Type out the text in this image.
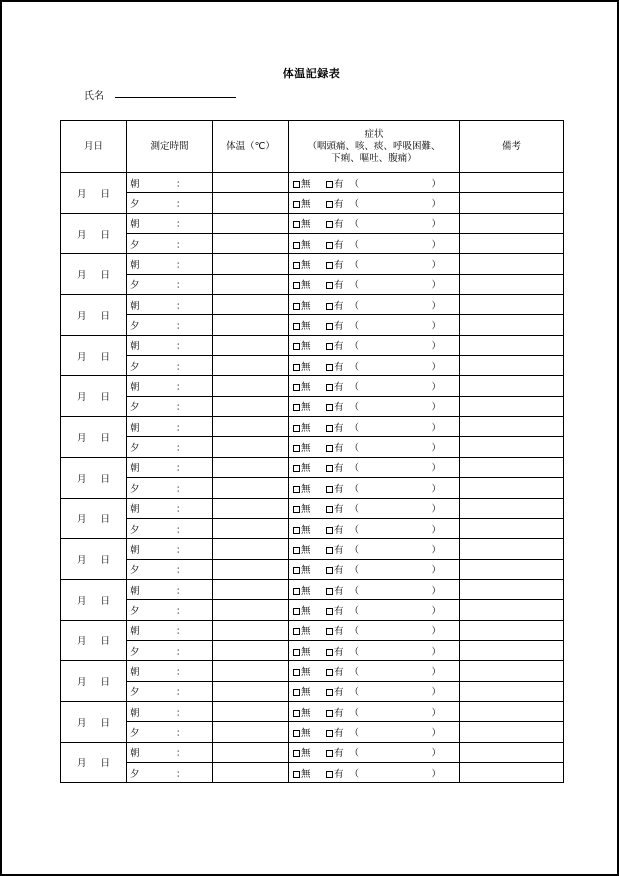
体温記録表
氏名
月日	測定時間	体温（℃）	症状
（咽頭痛、咳、痰、呼吸困難、
下痢、嘔吐、腹痛）	備考
月 日	朝 ：		無 有 （ ）	
	夕 ：		無 有 （ ）	
月 日	朝 ：		無 有 （ ）	
	夕 ：		無 有 （ ）	
月 日	朝 ：		無 有 （ ）	
	夕 ：		無 有 （ ）	
月 日	朝 ：		無 有 （ ）	
	夕 ：		無 有 （ ）	
月 日	朝 ：		無 有 （ ）	
	夕 ：		無 有 （ ）	
月 日	朝 ：		無 有 （ ）	
	夕 ：		無 有 （ ）	
月 日	朝 ：		無 有 （ ）	
	夕 ：		無 有 （ ）	
月 日	朝 ：		無 有 （ ）	
	夕 ：		無 有 （ ）	
月 日	朝 ：		無 有 （ ）	
	夕 ：		無 有 （ ）	
月 日	朝 ：		無 有 （ ）	
	夕 ：		無 有 （ ）	
月 日	朝 ：		無 有 （ ）	
	夕 ：		無 有 （ ）	
月 日	朝 ：		無 有 （ ）	
	夕 ：		無 有 （ ）	
月 日	朝 ：		無 有 （ ）	
	夕 ：		無 有 （ ）	
月 日	朝 ：		無 有 （ ）	
	夕 ：		無 有 （ ）	
月 日	朝 ：		無 有 （ ）	
	夕 ：		無 有 （ ）	
